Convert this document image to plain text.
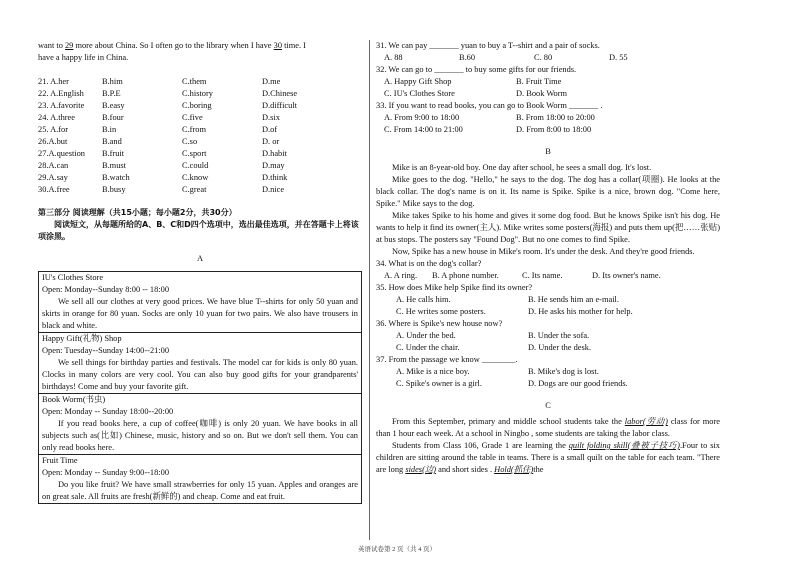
want to 29 more about China. So I often go to the library when I have 30 time. I

have a happy life in China.

21. A.her	B.him	C.them	D.me
22. A.English	B.P.E	C.history	D.Chinese
23. A.favorite	B.easy	C.boring	D.difficult
24. A.three	B.four	C.five	D.six
25. A.for	B.in	C.from	D.of
26.A.but	B.and	C.so	D. or
27.A.question	B.fruit	C.sport	D.habit
28.A.can	B.must	C.could	D.may
29.A.say	B.watch	C.know	D.think
30.A.free	B.busy	C.great	D.nice

第三部分 阅读理解（共15小题；每小题2分，共30分）

阅读短文，从每题所给的A、B、C和D四个选项中，选出最佳选项，并在答题卡上将该项涂黑。

A

IU's Clothes Store

Open: Monday--Sunday 8:00 -- 18:00

We sell all our clothes at very good prices. We have blue T--shirts for only 50 yuan and skirts in orange for 80 yuan. Socks are only 10 yuan for two pairs. We also have trousers in black and white.

Happy Gift(礼物) Shop

Open: Tuesday--Sunday 14:00--21:00

We sell things for birthday parties and festivals. The model car for kids is only 80 yuan. Clocks in many colors are very cool. You can also buy good gifts for your grandparents' birthdays! Come and buy your favorite gift.

Book Worm(书虫)

Open: Monday -- Sunday 18:00--20:00

If you read books here, a cup of coffee(咖啡) is only 20 yuan. We have books in all subjects such as(比如) Chinese, music, history and so on. But we don't sell them. You can only read books here.

Fruit Time

Open: Monday -- Sunday 9:00--18:00

Do you like fruit? We have small strawberries for only 15 yuan. Apples and oranges are on great sale. All fruits are fresh(新鲜的) and cheap. Come and eat fruit.

31. We can pay _______ yuan to buy a T--shirt and a pair of socks.

A. 88	B.60	C. 80	D. 55

32. We can go to _______ to buy some gifts for our friends.

A. Happy Gift Shop	B. Fruit Time
C. IU's Clothes Store	D. Book Worm

33. If you want to read books, you can go to Book Worm _______ .

A. From 9:00 to 18:00	B. From 18:00 to 20:00
C. From 14:00 to 21:00	D. From 8:00 to 18:00

B

Mike is an 8-year-old boy. One day after school, he sees a small dog. It's lost.

Mike goes to the dog. "Hello," he says to the dog. The dog has a collar(项圈). He looks at the black collar. The dog's name is on it. Its name is Spike. Spike is a nice, brown dog. "Come here, Spike." Mike says to the dog.

Mike takes Spike to his home and gives it some dog food. But he knows Spike isn't his dog. He wants to help it find its owner(主人). Mike writes some posters(海报) and puts them up(把……张贴) at bus stops. The posters say "Found Dog". But no one comes to find Spike.

Now, Spike has a new house in Mike's room. It's under the desk. And they're good friends.

34. What is on the dog's collar?

A. A ring.	B. A phone number.	C. Its name.	D. Its owner's name.

35. How does Mike help Spike find its owner?

A. He calls him.	B. He sends him an e-mail.
C. He writes some posters.	D. He asks his mother for help.

36. Where is Spike's new house now?

A. Under the bed.	B. Under the sofa.
C. Under the chair.	D. Under the desk.

37. From the passage we know ________.

A. Mike is a nice boy.	B. Mike's dog is lost.
C. Spike's owner is a girl.	D. Dogs are our good friends.

C

From this September, primary and middle school students take the labor(劳动) class for more than 1 hour each week. At a school in Ningbo , some students are taking the labor class.

Students from Class 106, Grade 1 are learning the quilt folding skill(叠被子技巧).Four to six children are sitting around the table in teams. There is a small quilt on the table for each team. "There are long sides(边) and short sides . Hold(抓住)the

英语试卷第 2 页（共 4 页）
